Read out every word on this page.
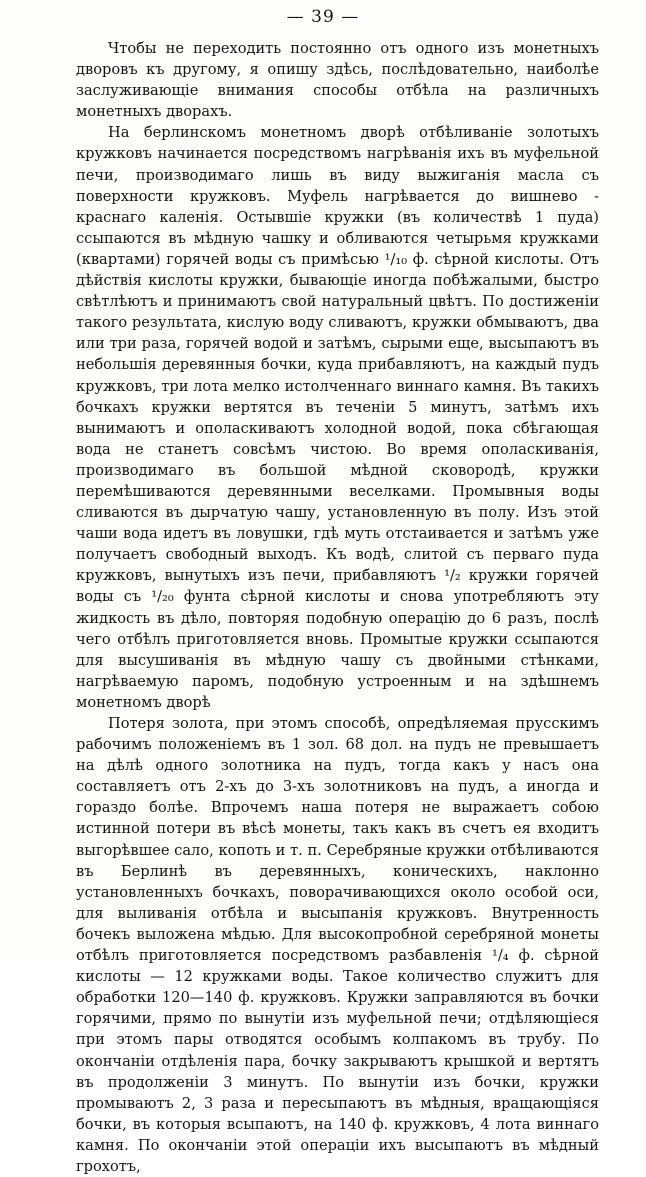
— 39 —

Чтобы не переходить постоянно отъ одного изъ монетныхъ дворовъ къ другому, я опишу здѣсь, послѣдовательно, наиболѣе заслуживающіе внимания способы отбѣла на различныхъ монетныхъ дворахъ.

На берлинскомъ монетномъ дворѣ отбѣливаніе золотыхъ кружковъ начинается посредствомъ нагрѣванія ихъ въ муфельной печи, производимаго лишь въ виду выжиганія масла съ поверхности кружковъ. Муфель нагрѣвается до вишнево - краснаго каленія. Остывшіе кружки (въ количествѣ 1 пуда) ссыпаются въ мѣдную чашку и обливаются четырьмя кружками (квартами) горячей воды съ примѣсью ¹/₁₀ ф. сѣрной кислоты. Отъ дѣйствія кислоты кружки, бывающіе иногда побѣжалыми, быстро свѣтлѣютъ и принимаютъ свой натуральный цвѣтъ. По достиженіи такого результата, кислую воду сливаютъ, кружки обмываютъ, два или три раза, горячей водой и затѣмъ, сырыми еще, высыпаютъ въ небольшія деревянныя бочки, куда прибавляютъ, на каждый пудъ кружковъ, три лота мелко истолченнаго виннаго камня. Въ такихъ бочкахъ кружки вертятся въ теченіи 5 минутъ, затѣмъ ихъ вынимаютъ и ополаскиваютъ холодной водой, пока сбѣгающая вода не станетъ совсѣмъ чистою. Во время ополаскиванія, производимаго въ большой мѣдной сковородѣ, кружки перемѣшиваются деревянными веселками. Промывныя воды сливаются въ дырчатую чашу, установленную въ полу. Изъ этой чаши вода идетъ въ ловушки, гдѣ муть отстаивается и затѣмъ уже получаетъ свободный выходъ. Къ водѣ, слитой съ перваго пуда кружковъ, вынутыхъ изъ печи, прибавляютъ ¹/₂ кружки горячей воды съ ¹/₂₀ фунта сѣрной кислоты и снова употребляютъ эту жидкость въ дѣло, повторяя подобную операцію до 6 разъ, послѣ чего отбѣлъ приготовляется вновь. Промытые кружки ссыпаются для высушиванія въ мѣдную чашу съ двойными стѣнками, нагрѣваемую паромъ, подобную устроенным и на здѣшнемъ монетномъ дворѣ

Потеря золота, при этомъ способѣ, опредѣляемая прусскимъ рабочимъ положеніемъ въ 1 зол. 68 дол. на пудъ не превышаетъ на дѣлѣ одного золотника на пудъ, тогда какъ у насъ она составляетъ отъ 2-хъ до 3-хъ золотниковъ на пудъ, а иногда и гораздо болѣе. Впрочемъ наша потеря не выражаетъ собою истинной потери въ вѣсѣ монеты, такъ какъ въ счетъ ея входитъ выгорѣвшее сало, копоть и т. п. Серебряные кружки отбѣливаются въ Берлинѣ въ деревянныхъ, коническихъ, наклонно установленныхъ бочкахъ, поворачивающихся около особой оси, для выливанія отбѣла и высыпанія кружковъ. Внутренность бочекъ выложена мѣдью. Для высокопробной серебряной монеты отбѣлъ приготовляется посредствомъ разбавленія ¹/₄ ф. сѣрной кислоты — 12 кружками воды. Такое количество служитъ для обработки 120—140 ф. кружковъ. Кружки заправляются въ бочки горячими, прямо по вынутіи изъ муфельной печи; отдѣляющіеся при этомъ пары отводятся особымъ колпакомъ въ трубу. По окончаніи отдѣленія пара, бочку закрываютъ крышкой и вертятъ въ продолженіи 3 минутъ. По вынутіи изъ бочки, кружки промываютъ 2, 3 раза и пересыпаютъ въ мѣдныя, вращающіяся бочки, въ которыя всыпаютъ, на 140 ф. кружковъ, 4 лота виннаго камня. По окончаніи этой операціи ихъ высыпаютъ въ мѣдный грохотъ,
